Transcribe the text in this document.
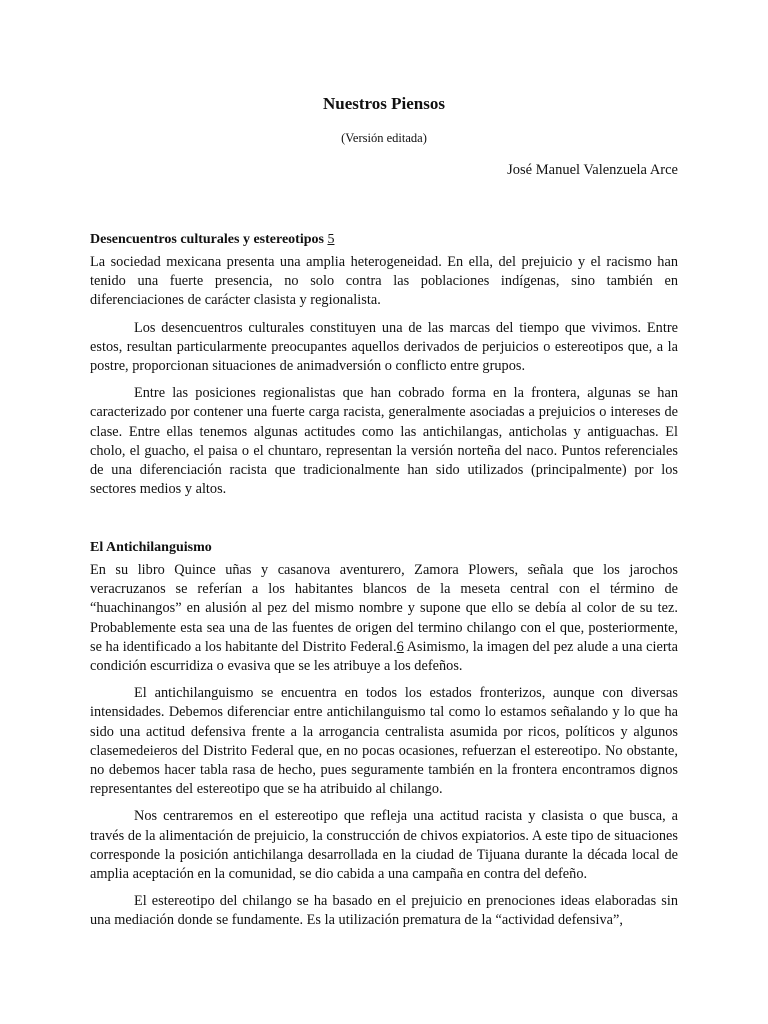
Nuestros Piensos
(Versión editada)
José Manuel Valenzuela Arce
Desencuentros culturales y estereotipos 5

La sociedad mexicana presenta una amplia heterogeneidad. En ella, del prejuicio y el racismo han tenido una fuerte presencia, no solo contra las poblaciones indígenas, sino también en diferenciaciones de carácter clasista y regionalista.

Los desencuentros culturales constituyen una de las marcas del tiempo que vivimos. Entre estos, resultan particularmente preocupantes aquellos derivados de perjuicios o estereotipos que, a la postre, proporcionan situaciones de animadversión o conflicto entre grupos.

Entre las posiciones regionalistas que han cobrado forma en la frontera, algunas se han caracterizado por contener una fuerte carga racista, generalmente asociadas a prejuicios o intereses de clase. Entre ellas tenemos algunas actitudes como las antichilangas, anticholas y antiguachas. El cholo, el guacho, el paisa o el chuntaro, representan la versión norteña del naco. Puntos referenciales de una diferenciación racista que tradicionalmente han sido utilizados (principalmente) por los sectores medios y altos.

El Antichilanguismo

En su libro Quince uñas y casanova aventurero, Zamora Plowers, señala que los jarochos veracruzanos se referían a los habitantes blancos de la meseta central con el término de “huachinangos” en alusión al pez del mismo nombre y supone que ello se debía al color de su tez. Probablemente esta sea una de las fuentes de origen del termino chilango con el que, posteriormente, se ha identificado a los habitante del Distrito Federal.6 Asimismo, la imagen del pez alude a una cierta condición escurridiza o evasiva que se les atribuye a los defeños.

El antichilanguismo se encuentra en todos los estados fronterizos, aunque con diversas intensidades. Debemos diferenciar entre antichilanguismo tal como lo estamos señalando y lo que ha sido una actitud defensiva frente a la arrogancia centralista asumida por ricos, políticos y algunos clasemedeieros del Distrito Federal que, en no pocas ocasiones, refuerzan el estereotipo. No obstante, no debemos hacer tabla rasa de hecho, pues seguramente también en la frontera encontramos dignos representantes del estereotipo que se ha atribuido al chilango.

Nos centraremos en el estereotipo que refleja una actitud racista y clasista o que busca, a través de la alimentación de prejuicio, la construcción de chivos expiatorios. A este tipo de situaciones corresponde la posición antichilanga desarrollada en la ciudad de Tijuana durante la década local de amplia aceptación en la comunidad, se dio cabida a una campaña en contra del defeño.

El estereotipo del chilango se ha basado en el prejuicio en prenociones ideas elaboradas sin una mediación donde se fundamente. Es la utilización prematura de la “actividad defensiva”,
